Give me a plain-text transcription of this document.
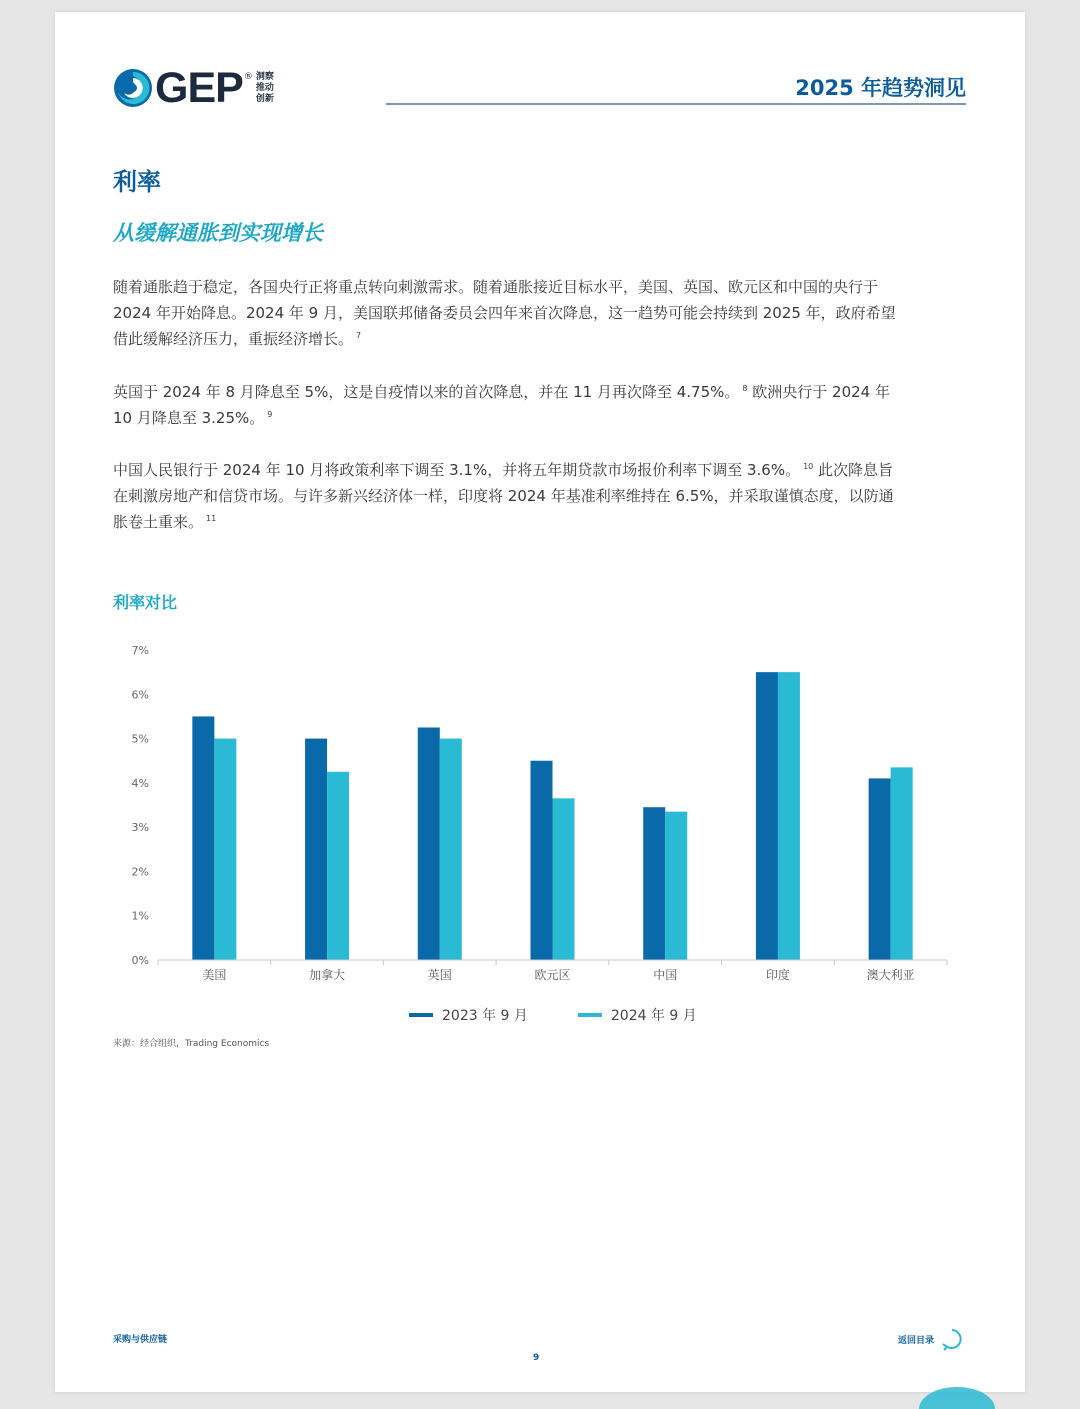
GEP ® 洞察
推动
创新	2025 年趋势洞见
利率
从缓解通胀到实现增长
随着通胀趋于稳定，各国央行正将重点转向刺激需求。随着通胀接近目标水平，美国、英国、欧元区和中国的央行于 2024 年开始降息。2024 年 9 月，美国联邦储备委员会四年来首次降息，这一趋势可能会持续到 2025 年，政府希望借此缓解经济压力，重振经济增长。 $^7$
英国于 2024 年 8 月降息至 5%，这是自疫情以来的首次降息，并在 11 月再次降至 4.75%。 $^8$ 欧洲央行于 2024 年 10 月降息至 3.25%。 $^9$
中国人民银行于 2024 年 10 月将政策利率下调至 3.1%，并将五年期贷款市场报价利率下调至 3.6%。 $^{10}$ 此次降息旨在刺激房地产和信贷市场。与许多新兴经济体一样，印度将 2024 年基准利率维持在 6.5%，并采取谨慎态度，以防通胀卷土重来。 $^{11}$
利率对比
0%
1%
2%
3%
4%
5%
6%
7%
美国	加拿大	英国	欧元区	中国	印度	澳大利亚
2023 年 9 月	2024 年 9 月
来源：经合组织，Trading Economics
采购与供应链	返回目录
9
